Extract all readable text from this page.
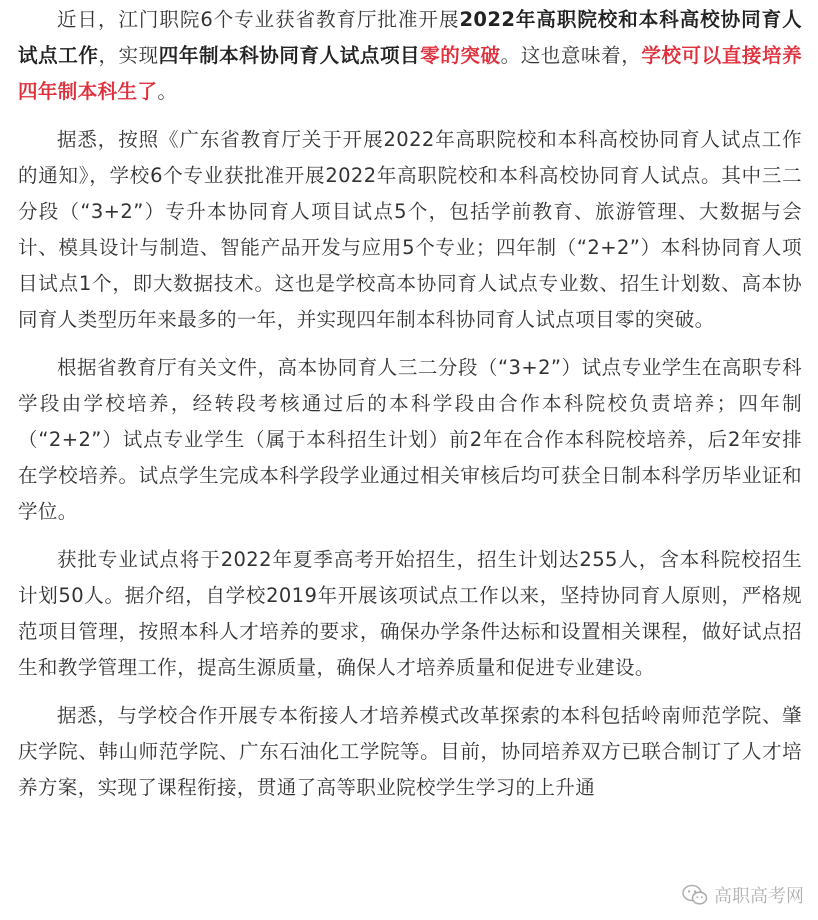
近日，江门职院6个专业获省教育厅批准开展2022年高职院校和本科高校协同育人试点工作，实现四年制本科协同育人试点项目零的突破。这也意味着，学校可以直接培养四年制本科生了。

据悉，按照《广东省教育厅关于开展2022年高职院校和本科高校协同育人试点工作的通知》，学校6个专业获批准开展2022年高职院校和本科高校协同育人试点。其中三二分段（“3+2”）专升本协同育人项目试点5个，包括学前教育、旅游管理、大数据与会计、模具设计与制造、智能产品开发与应用5个专业；四年制（“2+2”）本科协同育人项目试点1个，即大数据技术。这也是学校高本协同育人试点专业数、招生计划数、高本协同育人类型历年来最多的一年，并实现四年制本科协同育人试点项目零的突破。

根据省教育厅有关文件，高本协同育人三二分段（“3+2”）试点专业学生在高职专科学段由学校培养，经转段考核通过后的本科学段由合作本科院校负责培养；四年制（“2+2”）试点专业学生（属于本科招生计划）前2年在合作本科院校培养，后2年安排在学校培养。试点学生完成本科学段学业通过相关审核后均可获全日制本科学历毕业证和学位。

获批专业试点将于2022年夏季高考开始招生，招生计划达255人，含本科院校招生计划50人。据介绍，自学校2019年开展该项试点工作以来，坚持协同育人原则，严格规范项目管理，按照本科人才培养的要求，确保办学条件达标和设置相关课程，做好试点招生和教学管理工作，提高生源质量，确保人才培养质量和促进专业建设。

据悉，与学校合作开展专本衔接人才培养模式改革探索的本科包括岭南师范学院、肇庆学院、韩山师范学院、广东石油化工学院等。目前，协同培养双方已联合制订了人才培养方案，实现了课程衔接，贯通了高等职业院校学生学习的上升通

高职高考网
